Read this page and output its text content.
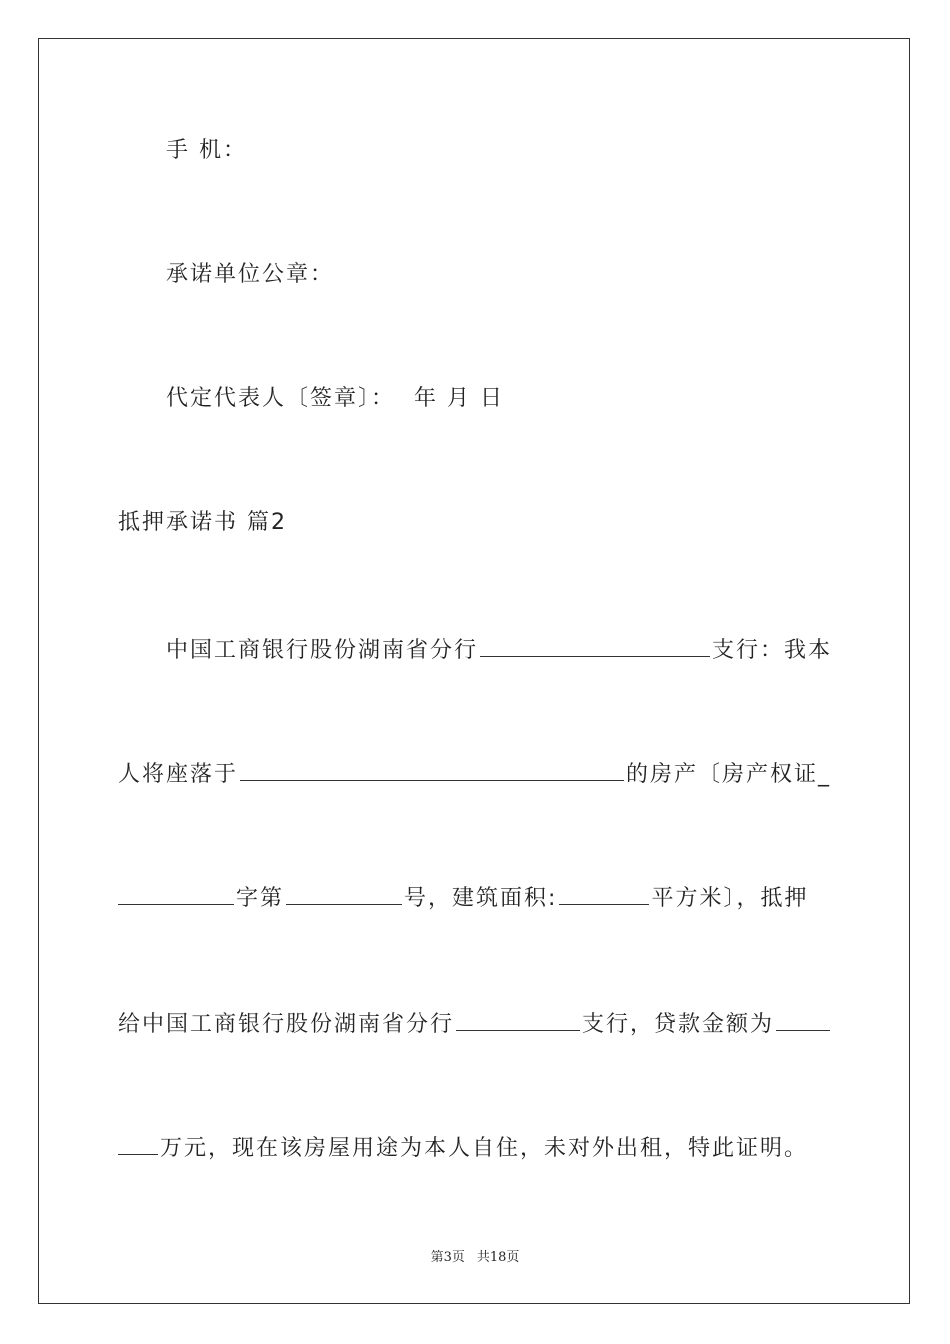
手 机：
承诺单位公章：
代定代表人〔签章〕： 年 月 日
抵押承诺书 篇2
中国工商银行股份湖南省分行	支行：我本
人将座落于	的房产〔房产权证_
字第	号，建筑面积:	平方米〕，抵押
给中国工商银行股份湖南省分行	支行，贷款金额为
万元，现在该房屋用途为本人自住，未对外出租，特此证明。
第3页 共18页
